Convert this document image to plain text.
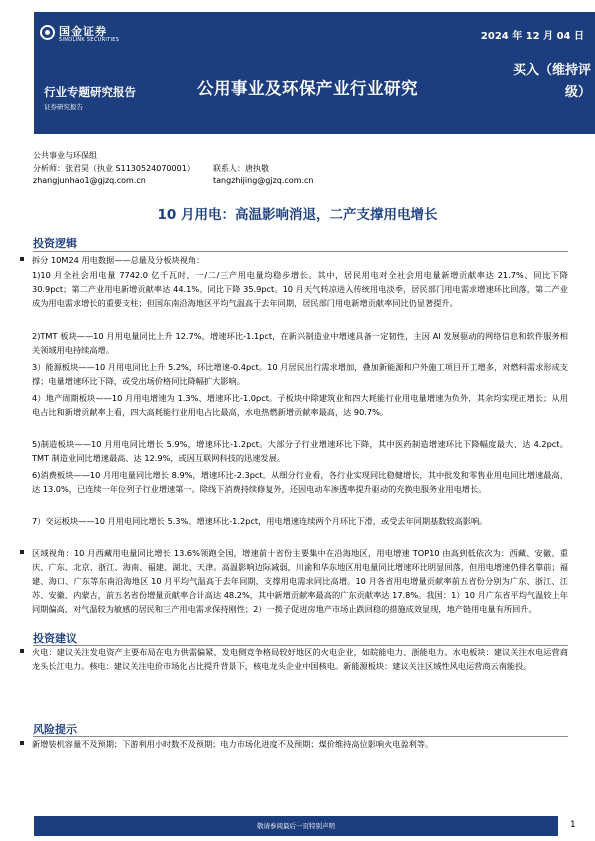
国金证券
SINOLINK SECURITIES	2024 年 12 月 04 日
公用事业及环保产业行业研究
买入（维持评
级）
行业专题研究报告
证券研究报告
公共事业与环保组
分析师：张君昊（执业 S1130524070001） 联系人：唐执敬
zhangjunhao1@gjzq.com.cn	tangzhijing@gjzq.com.cn
10 月用电：高温影响消退，二产支撑用电增长
投资逻辑
拆分 10M24 用电数据——总量及分板块视角：

1)10 月全社会用电量 7742.0 亿千瓦时，一/二/三产用电量均稳步增长。其中，居民用电对全社会用电量新增贡献率达 21.7%、同比下降 30.9pct；第二产业用电新增贡献率达 44.1%、同比下降 35.9pct。10 月天气转凉进入传统用电淡季，居民部门用电需求增速环比回落，第二产业成为用电需求增长的重要支柱；但国东南沿海地区平均气温高于去年同期，居民部门用电新增贡献率同比仍显著提升。

2)TMT 板块——10 月用电量同比上升 12.7%，增速环比-1.1pct，在新兴制造业中增速具备一定韧性，主因 AI 发展驱动的网络信息和软件服务相关领域用电持续高增。

3）能源板块——10 月用电同比上升 5.2%，环比增速-0.4pct。10 月居民出行需求增加，叠加新能源和户外施工项目开工增多，对燃料需求形成支撑；电量增速环比下降，或受出场价格同比降幅扩大影响。

4）地产周期板块——10 月用电增速为 1.3%、增速环比-1.0pct。子板块中除建筑业和四大耗能行业用电量增速为负外，其余均实现正增长；从用电占比和新增贡献率上看，四大高耗能行业用电占比最高，水电热燃新增贡献率最高，达 90.7%。

5)制造板块——10 月用电同比增长 5.9%，增速环比-1.2pct。大部分子行业增速环比下降，其中医药制造增速环比下降幅度最大、达 4.2pct。TMT 制造业同比增速最高、达 12.9%，或因互联网科技的迅速发展。

6)消费板块——10 月用电量同比增长 8.9%，增速环比-2.3pct。从细分行业看，各行业实现同比稳健增长，其中批发和零售业用电同比增速最高、达 13.0%，已连续一年位列子行业增速第一。除线下消费持续修复外，还因电动车渗透率提升驱动的充换电服务业用电增长。

7）交运板块——10 月用电同比增长 5.3%、增速环比-1.2pct，用电增速连续两个月环比下滑，或受去年同期基数较高影响。

区域视角：10 月西藏用电量同比增长 13.6%领跑全国，增速前十省份主要集中在沿海地区，用电增速 TOP10 由高到低依次为：西藏、安徽、重庆、广东、北京、浙江、海南、福建、湖北、天津。高温影响边际减弱，川渝和华东地区用电量同比增速环比明显回落，但用电增速仍排名靠前；福建、海口、广东等东南沿海地区 10 月平均气温高于去年同期，支撑用电需求同比高增。10 月各省用电增量贡献率前五省份分别为广东、浙江、江苏、安徽、内蒙古，前五名省份增量贡献率合计高达 48.2%，其中新增贡献率最高的广东贡献率达 17.8%。我国：1）10 月广东省平均气温较上年同期偏高，对气温较为敏感的居民和三产用电需求保持刚性；2）一揽子促进房地产市场止跌回稳的措施成效显现，地产链用电量有所回升。
投资建议
火电：建议关注发电资产主要布局在电力供需偏紧、发电侧竞争格局较好地区的火电企业，如皖能电力、浙能电力。水电板块：建议关注水电运营商龙头长江电力。核电：建议关注电价市场化占比提升背景下，核电龙头企业中国核电。新能源板块：建议关注区域性风电运营商云南能投。
风险提示
新增装机容量不及预期；下游利用小时数不及预期；电力市场化进度不及预期；煤价维持高位影响火电盈利等。
敬请参阅最后一页特别声明	1
